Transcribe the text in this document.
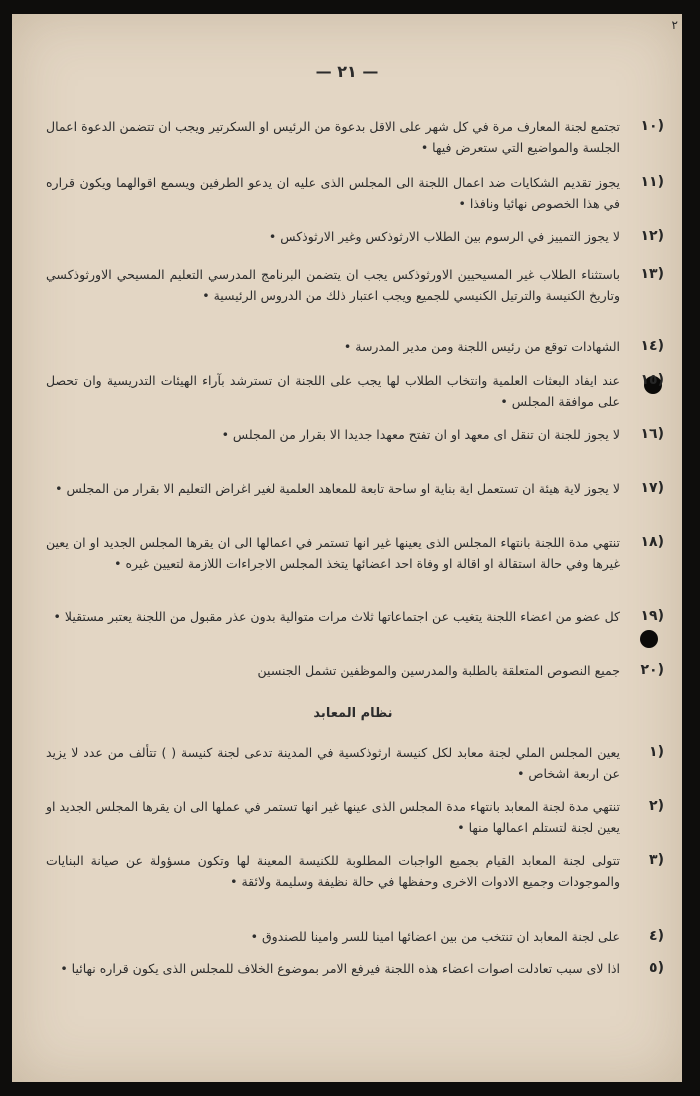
٢
— ٢١ —
١٠)
تجتمع لجنة المعارف مرة في كل شهر على الاقل بدعوة من الرئيس او السكرتير ويجب ان تتضمن الدعوة اعمال الجلسة والمواضيع التي ستعرض فيها •
١١)
يجوز تقديم الشكايات ضد اعمال اللجنة الى المجلس الذى عليه ان يدعو الطرفين ويسمع اقوالهما ويكون قراره في هذا الخصوص نهائيا ونافذا •
١٢)
لا يجوز التمييز في الرسوم بين الطلاب الارثوذكس وغير الارثوذكس •
١٣)
باستثناء الطلاب غير المسيحيين الاورثوذكس يجب ان يتضمن البرنامج المدرسي التعليم المسيحي الاورثوذكسي وتاريخ الكنيسة والترتيل الكنيسي للجميع ويجب اعتبار ذلك من الدروس الرئيسية •
١٤)
الشهادات توقع من رئيس اللجنة ومن مدير المدرسة •
١٥)
عند ايفاد البعثات العلمية وانتخاب الطلاب لها يجب على اللجنة ان تسترشد بآراء الهيئات التدريسية وان تحصل على موافقة المجلس •
١٦)
لا يجوز للجنة ان تنقل اى معهد او ان تفتح معهدا جديدا الا بقرار من المجلس •
١٧)
لا يجوز لاية هيئة ان تستعمل اية بناية او ساحة تابعة للمعاهد العلمية لغير اغراض التعليم الا بقرار من المجلس •
١٨)
تنتهي مدة اللجنة بانتهاء المجلس الذى يعينها غير انها تستمر في اعمالها الى ان يقرها المجلس الجديد او ان يعين غيرها وفي حالة استقالة او اقالة او وفاة احد اعضائها يتخذ المجلس الاجراءات اللازمة لتعيين غيره •
١٩)
كل عضو من اعضاء اللجنة يتغيب عن اجتماعاتها ثلاث مرات متوالية بدون عذر مقبول من اللجنة يعتبر مستقيلا •
٢٠)
جميع النصوص المتعلقة بالطلبة والمدرسين والموظفين تشمل الجنسين
نظام المعابد
١)
يعين المجلس الملي لجنة معابد لكل كنيسة ارثوذكسية في المدينة تدعى لجنة كنيسة ( ) تتألف من عدد لا يزيد عن اربعة اشخاص •
٢)
تنتهي مدة لجنة المعابد بانتهاء مدة المجلس الذى عينها غير انها تستمر في عملها الى ان يقرها المجلس الجديد او يعين لجنة لتستلم اعمالها منها •
٣)
تتولى لجنة المعابد القيام بجميع الواجبات المطلوبة للكنيسة المعينة لها وتكون مسؤولة عن صيانة البنايات والموجودات وجميع الادوات الاخرى وحفظها في حالة نظيفة وسليمة ولائقة •
٤)
على لجنة المعابد ان تنتخب من بين اعضائها امينا للسر وامينا للصندوق •
٥)
اذا لاى سبب تعادلت اصوات اعضاء هذه اللجنة فيرفع الامر بموضوع الخلاف للمجلس الذى يكون قراره نهائيا •
